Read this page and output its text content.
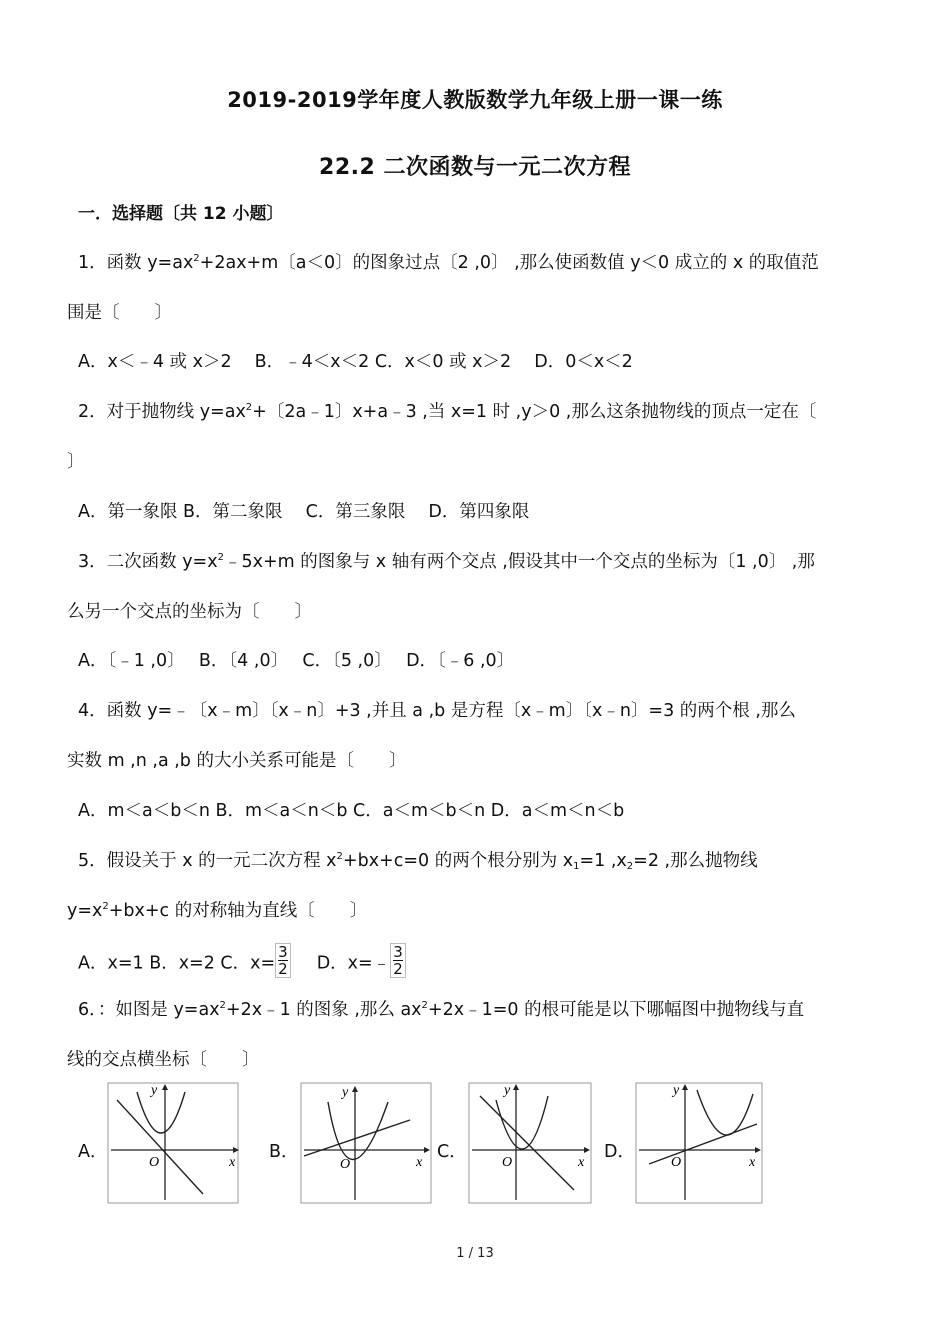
2019-2019学年度人教版数学九年级上册一课一练
22.2 二次函数与一元二次方程
一．选择题〔共 12 小题〕
1．函数 $y=ax^2+2ax+m$〔a＜0〕的图象过点〔2 ,0〕 ,那么使函数值 y＜0 成立的 x 的取值范
围是〔　　〕
A．x＜﹣4 或 x＞2　 B．﹣4＜x＜2 C．x＜0 或 x＞2　 D．0＜x＜2
2．对于抛物线 $y=ax^2+$〔2a﹣1〕x+a﹣3 ,当 x=1 时 ,y＞0 ,那么这条抛物线的顶点一定在〔
〕
A．第一象限 B．第二象限　 C．第三象限　 D．第四象限
3．二次函数 $y=x^2﹣5x+m$ 的图象与 x 轴有两个交点 ,假设其中一个交点的坐标为〔1 ,0〕 ,那
么另一个交点的坐标为〔　　〕
A．〔﹣1 ,0〕　 B．〔4 ,0〕　 C．〔5 ,0〕　 D．〔﹣6 ,0〕
4．函数 y=﹣〔x﹣m〕〔x﹣n〕+3 ,并且 a ,b 是方程〔x﹣m〕〔x﹣n〕=3 的两个根 ,那么
实数 m ,n ,a ,b 的大小关系可能是〔　　〕
A．m＜a＜b＜n B．m＜a＜n＜b C．a＜m＜b＜n D．a＜m＜n＜b
5．假设关于 x 的一元二次方程 $x^2+bx+c=0$ 的两个根分别为 $x_1=1$ $,x_2=2$ ,那么抛物线
$y=x^2+bx+c$ 的对称轴为直线〔　　〕
A．x=1 B．x=2 C．$x= \frac{3}{2}$ D．x=﹣ $\frac{3}{2}$
6．：如图是 $y=ax^2+2x﹣1$ 的图象 ,那么 $ax^2+2x﹣1=0$ 的根可能是以下哪幅图中抛物线与直
线的交点横坐标〔　　〕
A．	B．	C．	D．
x
y
O	x
y
O	x
y
O	x
y
O
1 / 13
